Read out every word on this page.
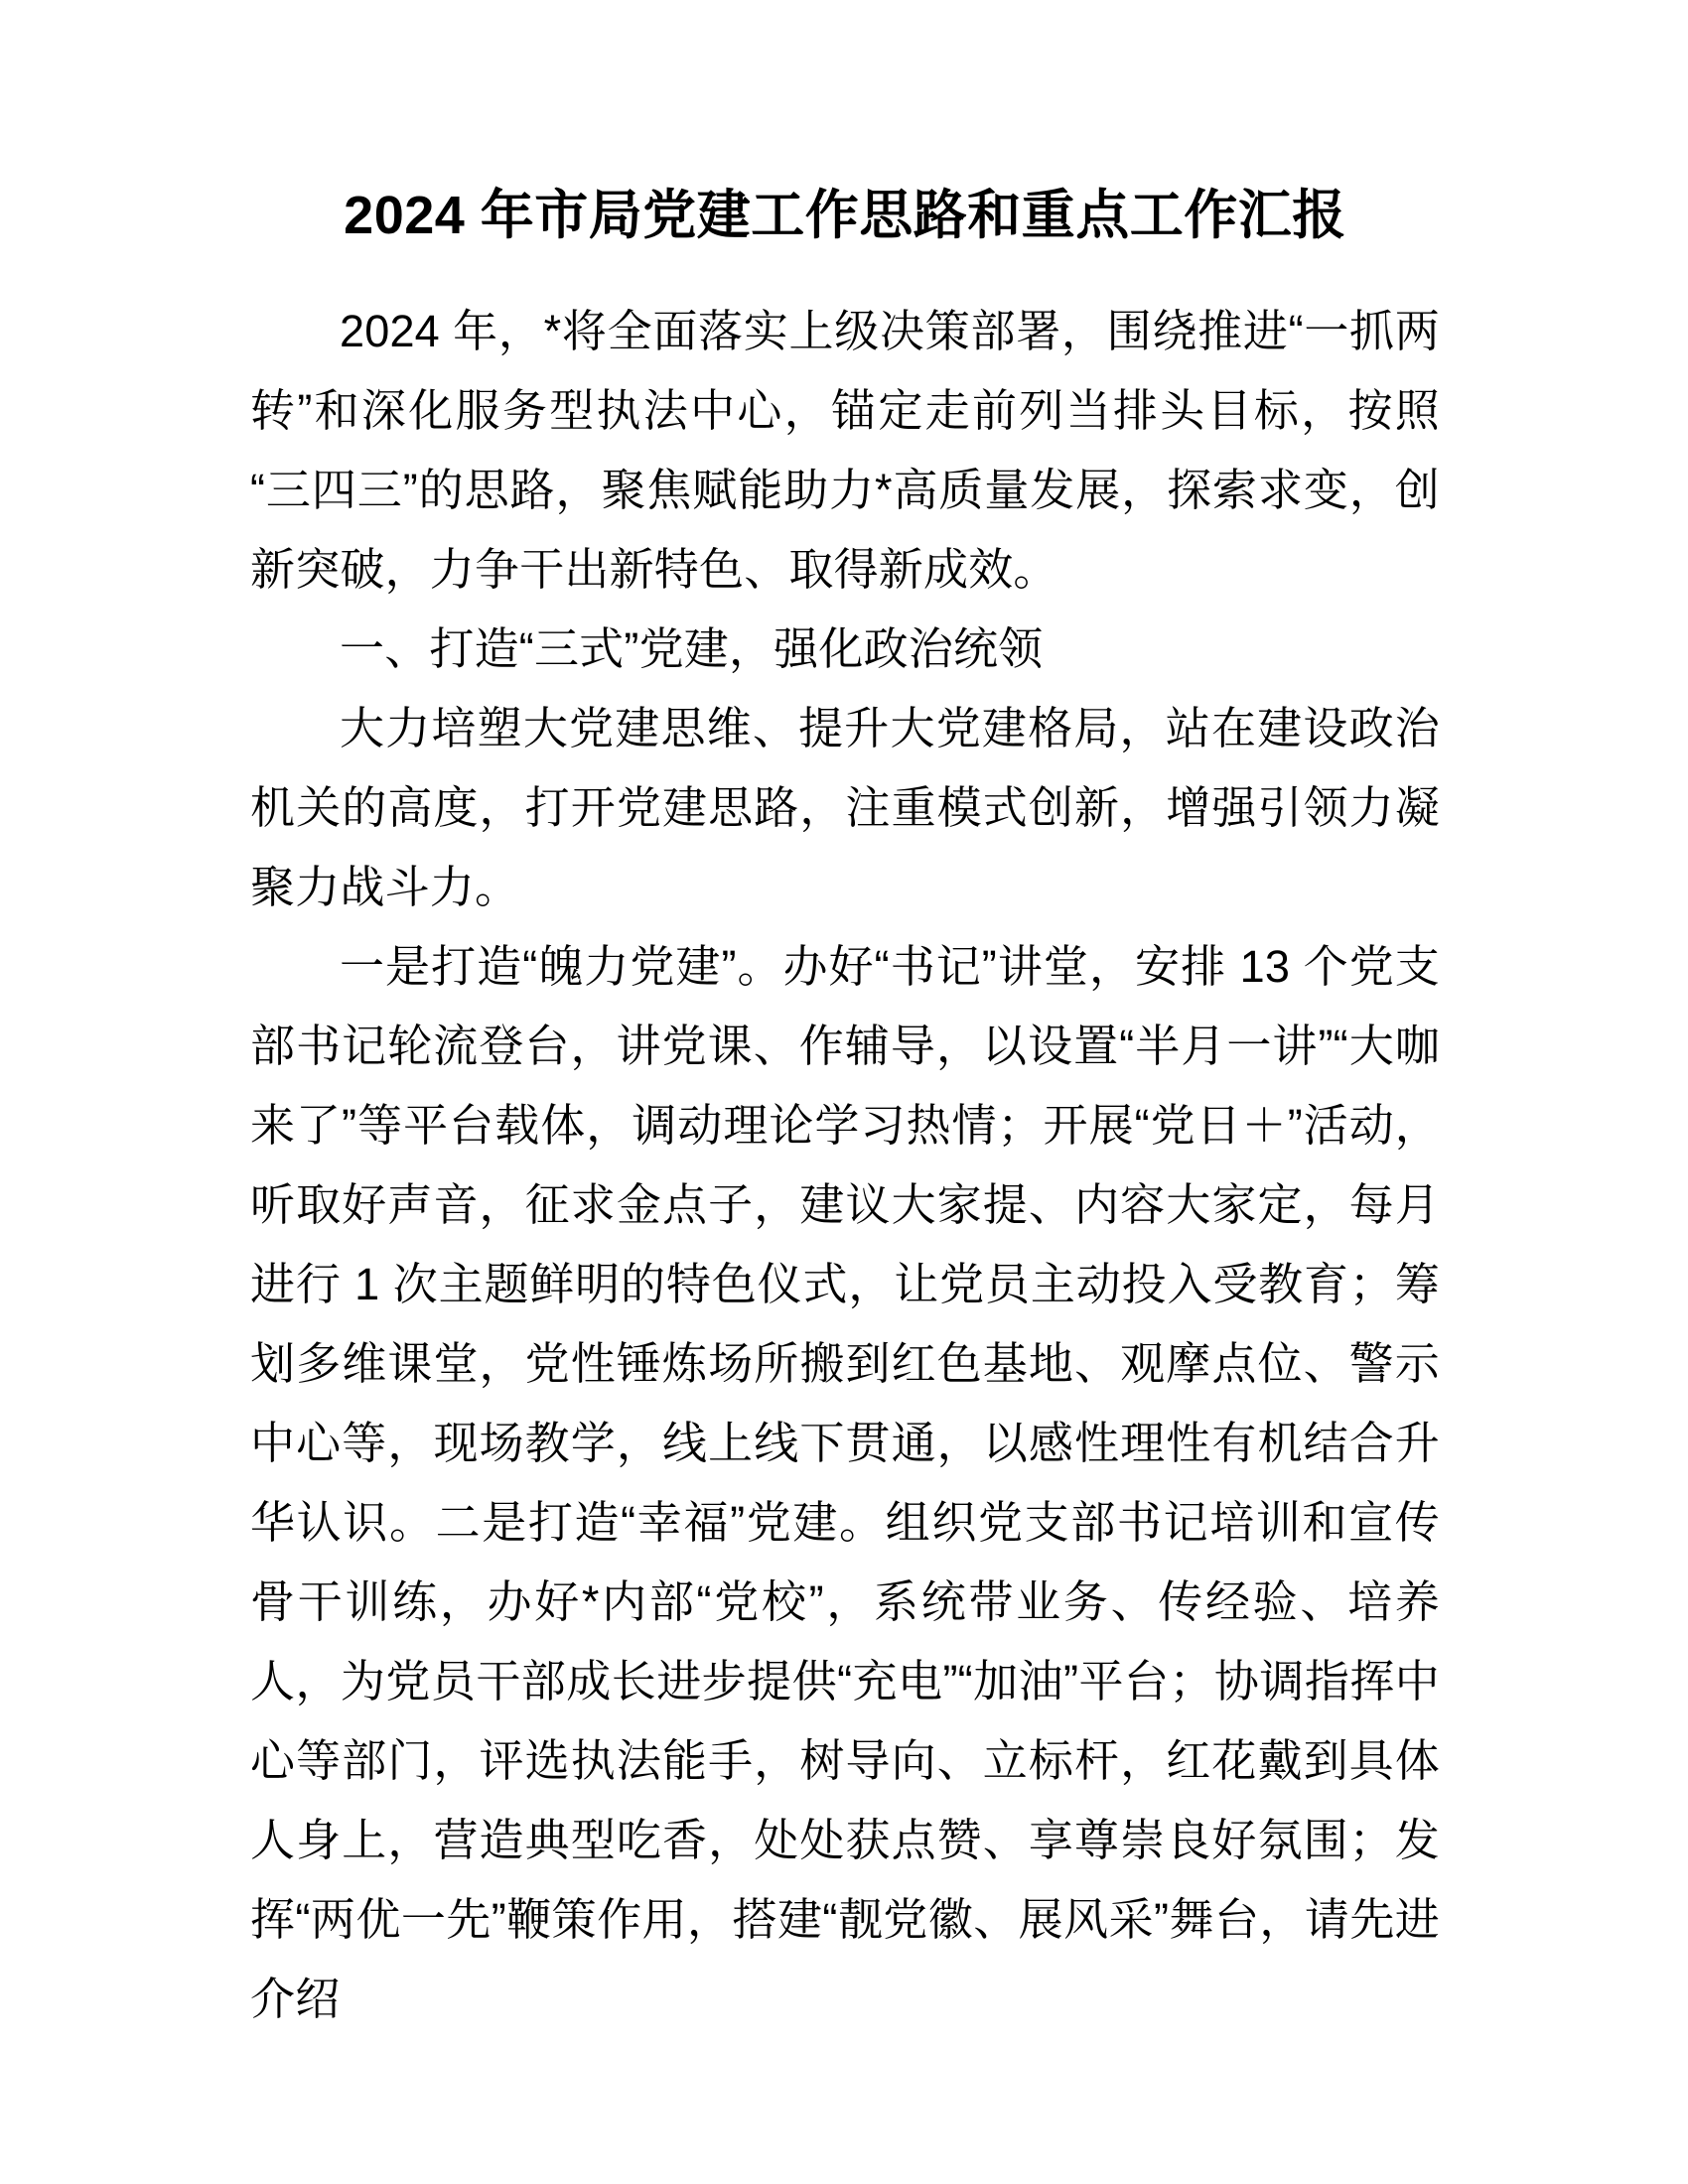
2024 年市局党建工作思路和重点工作汇报

2024 年，*将全面落实上级决策部署，围绕推进“一抓两转”和深化服务型执法中心，锚定走前列当排头目标，按照“三四三”的思路，聚焦赋能助力*高质量发展，探索求变，创新突破，力争干出新特色、取得新成效。

一、打造“三式”党建，强化政治统领

大力培塑大党建思维、提升大党建格局，站在建设政治机关的高度，打开党建思路，注重模式创新，增强引领力凝聚力战斗力。

一是打造“魄力党建”。办好“书记”讲堂，安排 13 个党支部书记轮流登台，讲党课、作辅导，以设置“半月一讲”“大咖来了”等平台载体，调动理论学习热情；开展“党日＋”活动，听取好声音，征求金点子，建议大家提、内容大家定，每月进行 1 次主题鲜明的特色仪式，让党员主动投入受教育；筹划多维课堂，党性锤炼场所搬到红色基地、观摩点位、警示中心等，现场教学，线上线下贯通，以感性理性有机结合升华认识。二是打造“幸福”党建。组织党支部书记培训和宣传骨干训练，办好*内部“党校”，系统带业务、传经验、培养人，为党员干部成长进步提供“充电”“加油”平台；协调指挥中心等部门，评选执法能手，树导向、立标杆，红花戴到具体人身上，营造典型吃香，处处获点赞、享尊崇良好氛围；发挥“两优一先”鞭策作用，搭建“靓党徽、展风采”舞台，请先进介绍
